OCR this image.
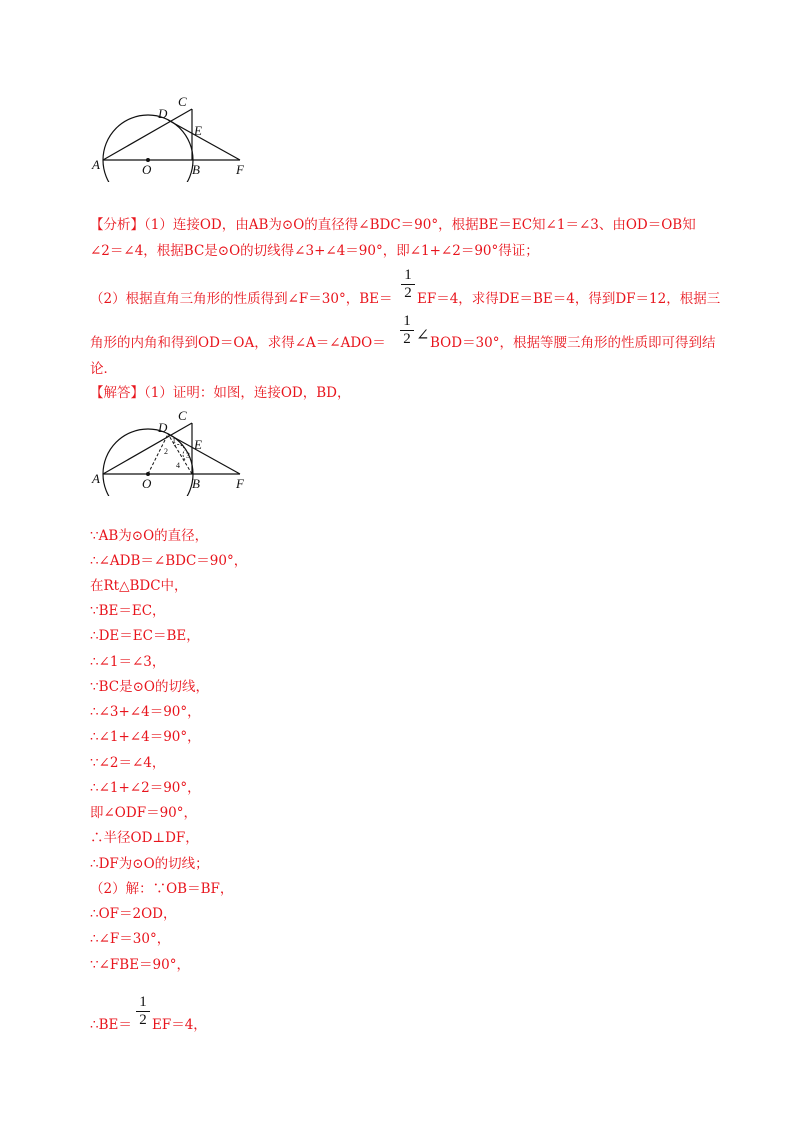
A	O	B	F
C
D
E
【分析】（1）连接OD，由AB为⊙O的直径得∠BDC＝90°，根据BE＝EC知∠1＝∠3、由OD＝OB知
∠2＝∠4，根据BC是⊙O的切线得∠3+∠4＝90°，即∠1+∠2＝90°得证；
（2）根据直角三角形的性质得到∠F＝30°，BE＝
1
2 EF＝4，求得DE＝BE＝4，得到DF＝12，根据三
角形的内角和得到OD＝OA，求得∠A＝∠ADO＝
1
2 ∠ BOD＝30°，根据等腰三角形的性质即可得到结
论．
【解答】（1）证明：如图，连接OD，BD，
A	O	B	F
C
D
E
1
2 3
4
∵AB为⊙O的直径，
∴∠ADB＝∠BDC＝90°，
在Rt△BDC中，
∵BE＝EC，
∴DE＝EC＝BE，
∴∠1＝∠3，
∵BC是⊙O的切线，
∴∠3+∠4＝90°，
∴∠1+∠4＝90°，
∵∠2＝∠4，
∴∠1+∠2＝90°，
即∠ODF＝90°，
∴半径OD⊥DF，
∴DF为⊙O的切线；
（2）解：∵OB＝BF，
∴OF＝2OD，
∴∠F＝30°，
∵∠FBE＝90°，
∴BE＝
1
2 EF＝4，
